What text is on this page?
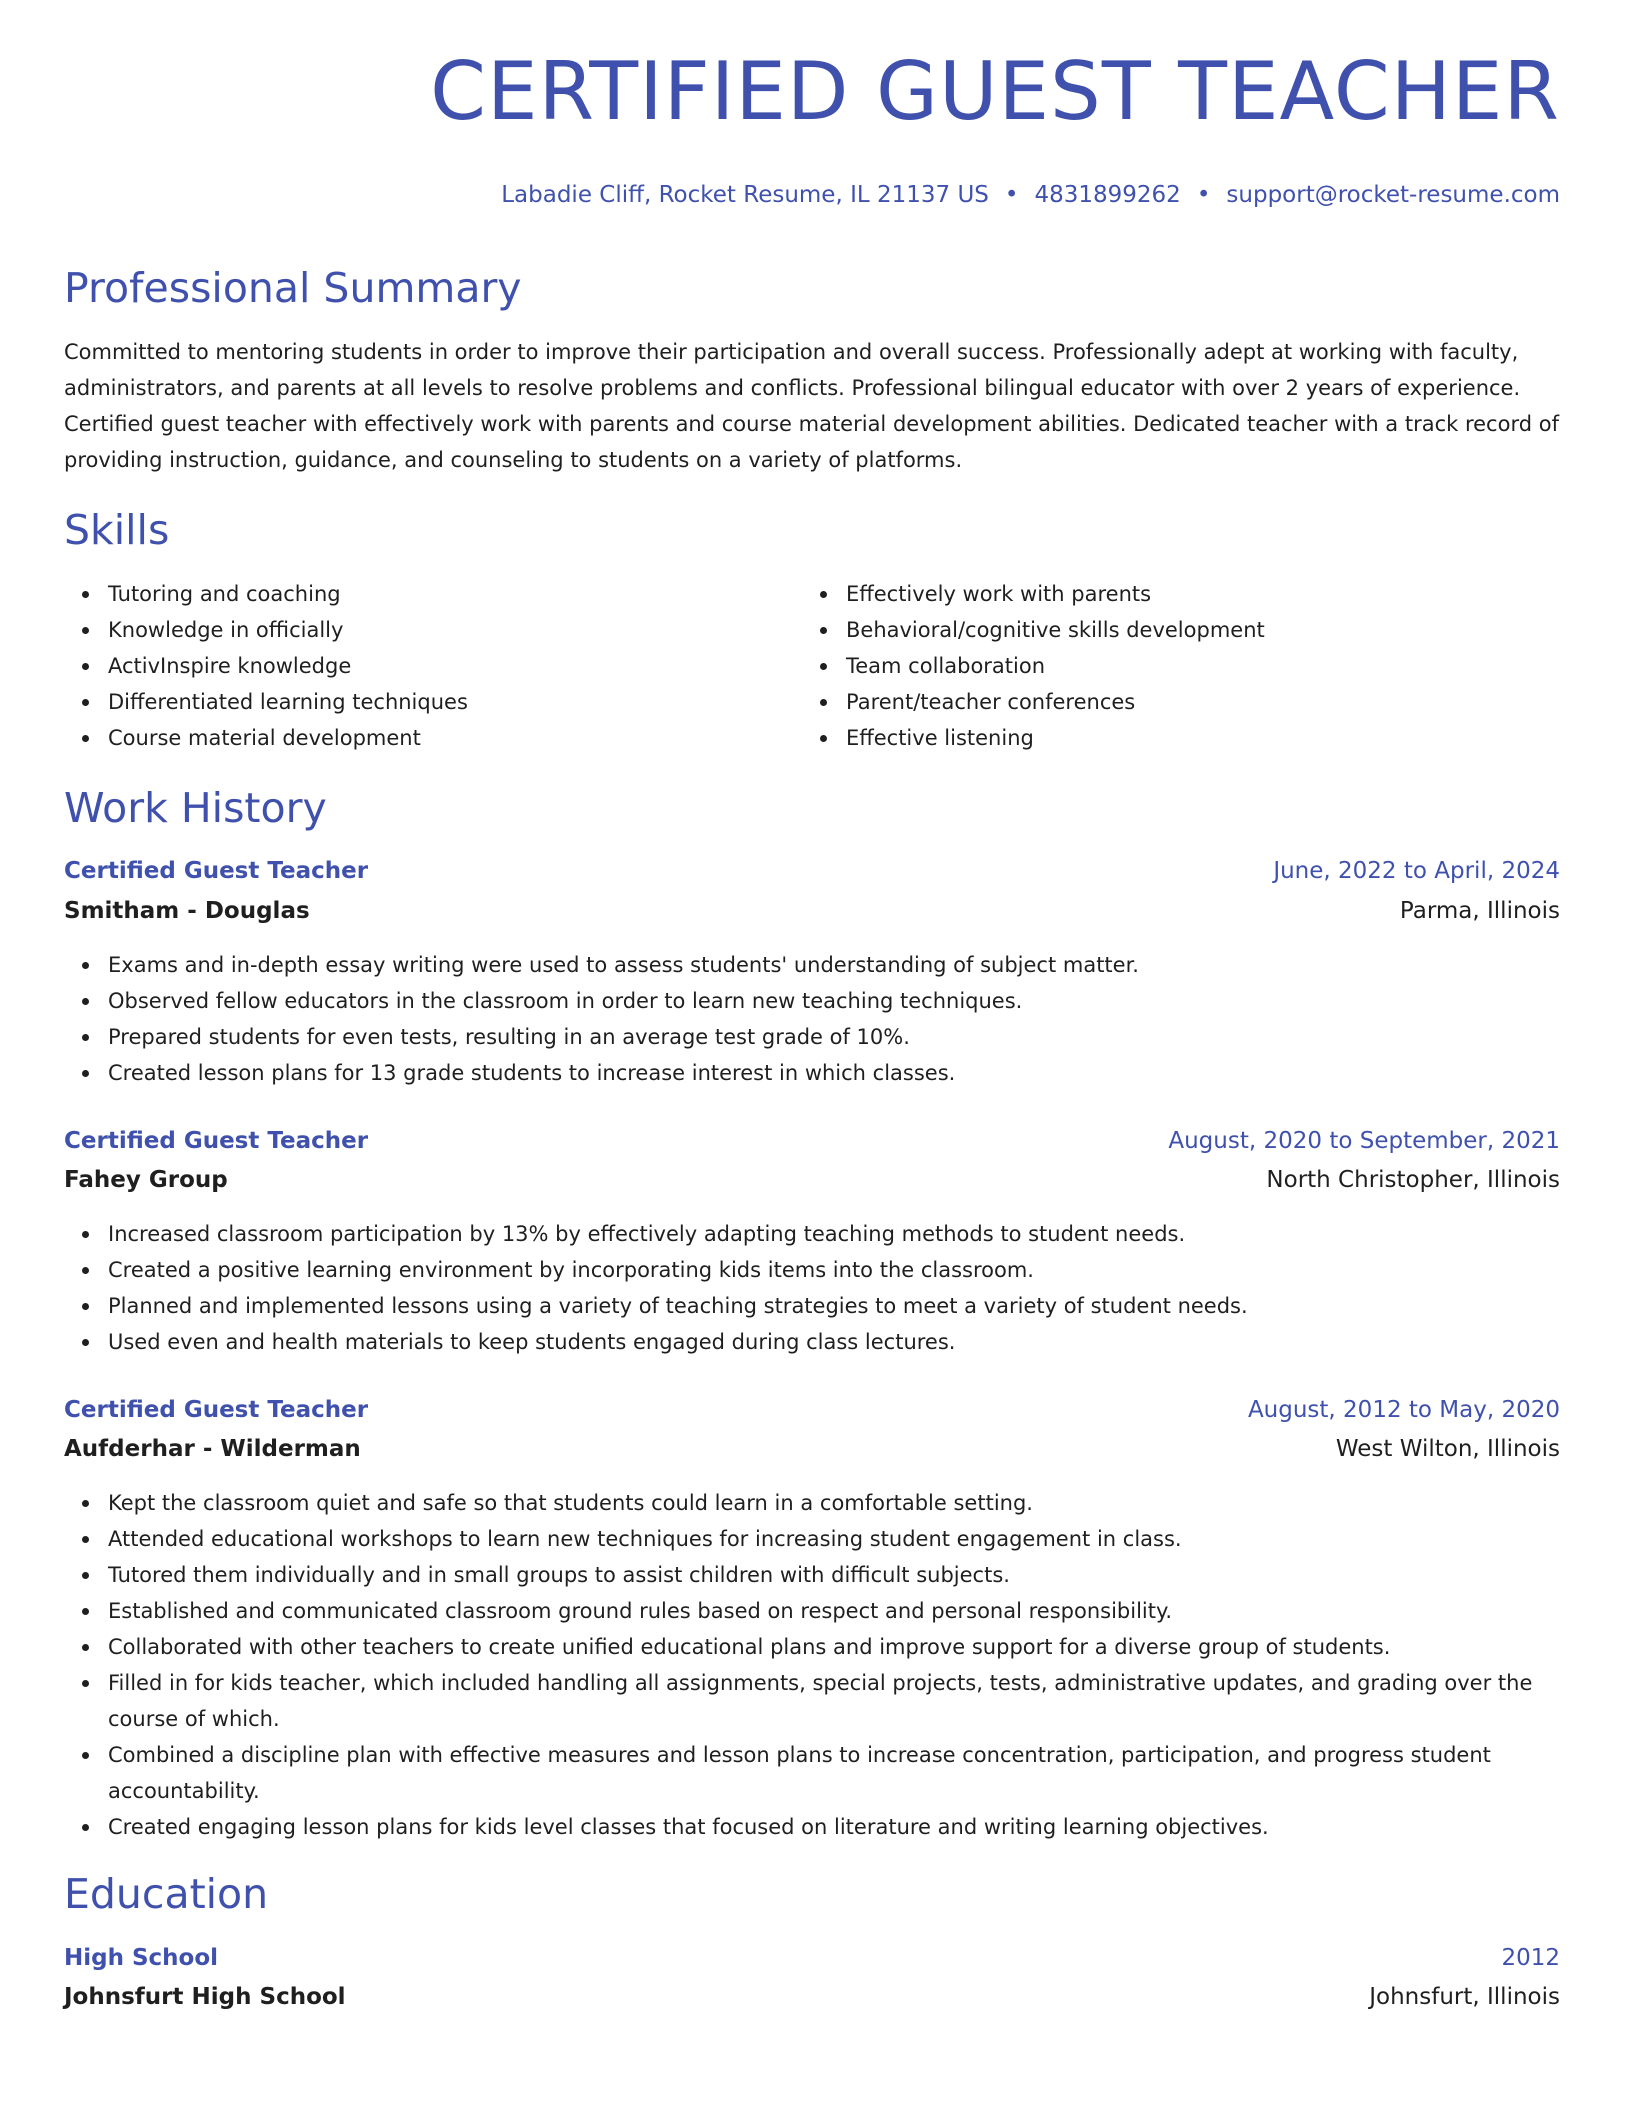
CERTIFIED GUEST TEACHER
Labadie Cliff, Rocket Resume, IL 21137 US • 4831899262 • support@rocket-resume.com
Professional Summary

Committed to mentoring students in order to improve their participation and overall success. Professionally adept at working with faculty, administrators, and parents at all levels to resolve problems and conflicts. Professional bilingual educator with over 2 years of experience. Certified guest teacher with effectively work with parents and course material development abilities. Dedicated teacher with a track record of providing instruction, guidance, and counseling to students on a variety of platforms.

Skills
Tutoring and coaching
Knowledge in officially
ActivInspire knowledge
Differentiated learning techniques
Course material development
Effectively work with parents
Behavioral/cognitive skills development
Team collaboration
Parent/teacher conferences
Effective listening
Work History
Certified Guest Teacher	June, 2022 to April, 2024
Smitham - Douglas	Parma, Illinois
Exams and in-depth essay writing were used to assess students' understanding of subject matter.
Observed fellow educators in the classroom in order to learn new teaching techniques.
Prepared students for even tests, resulting in an average test grade of 10%.
Created lesson plans for 13 grade students to increase interest in which classes.
Certified Guest Teacher	August, 2020 to September, 2021
Fahey Group	North Christopher, Illinois
Increased classroom participation by 13% by effectively adapting teaching methods to student needs.
Created a positive learning environment by incorporating kids items into the classroom.
Planned and implemented lessons using a variety of teaching strategies to meet a variety of student needs.
Used even and health materials to keep students engaged during class lectures.
Certified Guest Teacher	August, 2012 to May, 2020
Aufderhar - Wilderman	West Wilton, Illinois
Kept the classroom quiet and safe so that students could learn in a comfortable setting.
Attended educational workshops to learn new techniques for increasing student engagement in class.
Tutored them individually and in small groups to assist children with difficult subjects.
Established and communicated classroom ground rules based on respect and personal responsibility.
Collaborated with other teachers to create unified educational plans and improve support for a diverse group of students.
Filled in for kids teacher, which included handling all assignments, special projects, tests, administrative updates, and grading over the course of which.
Combined a discipline plan with effective measures and lesson plans to increase concentration, participation, and progress student accountability.
Created engaging lesson plans for kids level classes that focused on literature and writing learning objectives.
Education
High School	2012
Johnsfurt High School	Johnsfurt, Illinois
